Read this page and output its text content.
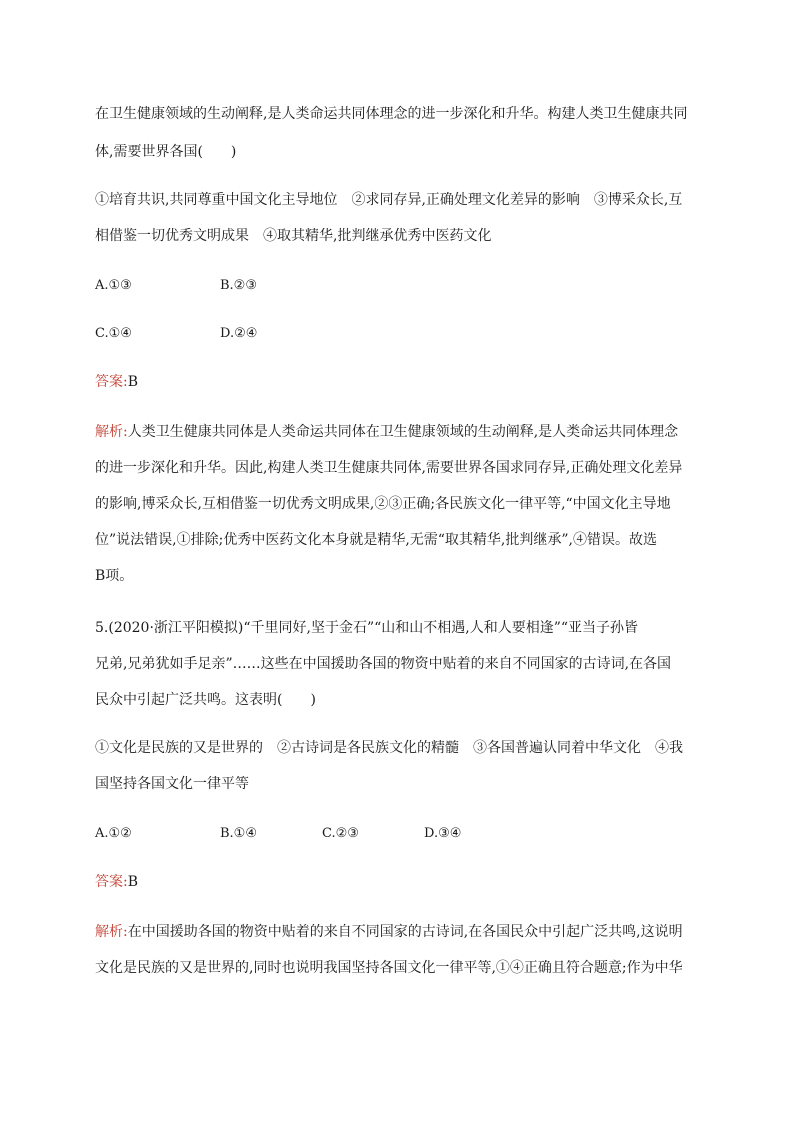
在卫生健康领域的生动阐释,是人类命运共同体理念的进一步深化和升华。构建人类卫生健康共同
体,需要世界各国(　　)
①培育共识,共同尊重中国文化主导地位　②求同存异,正确处理文化差异的影响　③博采众长,互
相借鉴一切优秀文明成果　④取其精华,批判继承优秀中医药文化
A.①③	B.②③
C.①④	D.②④
答案:B
解析:人类卫生健康共同体是人类命运共同体在卫生健康领域的生动阐释,是人类命运共同体理念
的进一步深化和升华。因此,构建人类卫生健康共同体,需要世界各国求同存异,正确处理文化差异
的影响,博采众长,互相借鉴一切优秀文明成果,②③正确;各民族文化一律平等,“中国文化主导地
位”说法错误,①排除;优秀中医药文化本身就是精华,无需“取其精华,批判继承”,④错误。故选
B项。
5.(2020·浙江平阳模拟)“千里同好,坚于金石”“山和山不相遇,人和人要相逢”“亚当子孙皆
兄弟,兄弟犹如手足亲”……这些在中国援助各国的物资中贴着的来自不同国家的古诗词,在各国
民众中引起广泛共鸣。这表明(　　)
①文化是民族的又是世界的　②古诗词是各民族文化的精髓　③各国普遍认同着中华文化　④我
国坚持各国文化一律平等
A.①②	B.①④	C.②③	D.③④
答案:B
解析:在中国援助各国的物资中贴着的来自不同国家的古诗词,在各国民众中引起广泛共鸣,这说明
文化是民族的又是世界的,同时也说明我国坚持各国文化一律平等,①④正确且符合题意;作为中华
